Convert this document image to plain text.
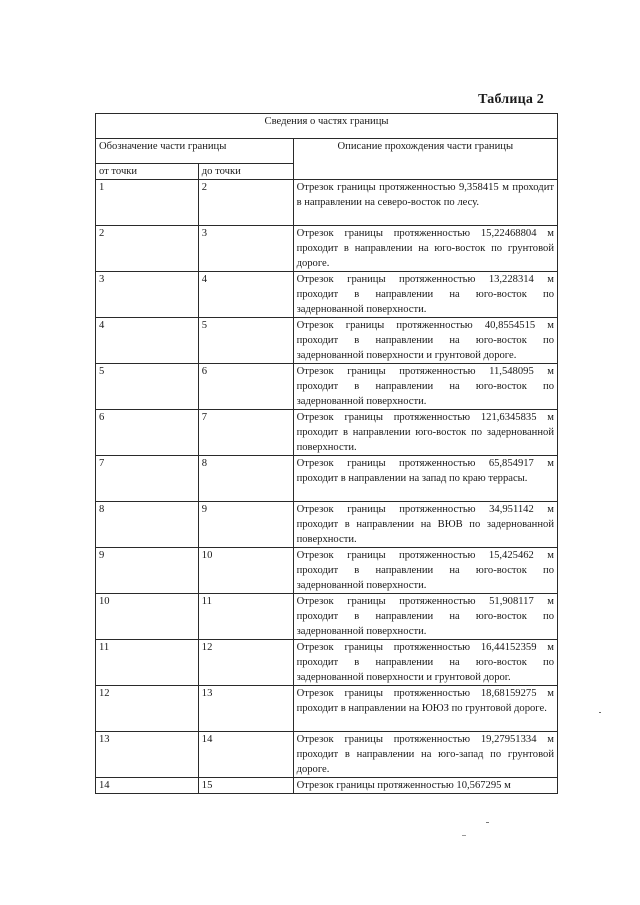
Таблица 2
Сведения о частях границы		
Обозначение части границы		Описание прохождения части границы
от точки	до точки	
1	2	Отрезок границы протяженностью 9,358415 м проходит в направлении на северо-восток по лесу.
2	3	Отрезок границы протяженностью 15,22468804 м проходит в направлении на юго-восток по грунтовой дороге.
3	4	Отрезок границы протяженностью 13,228314 м проходит в направлении на юго-восток по задернованной поверхности.
4	5	Отрезок границы протяженностью 40,8554515 м проходит в направлении на юго-восток по задернованной поверхности и грунтовой дороге.
5	6	Отрезок границы протяженностью 11,548095 м проходит в направлении на юго-восток по задернованной поверхности.
6	7	Отрезок границы протяженностью 121,6345835 м проходит в направлении юго-восток по задернованной поверхности.
7	8	Отрезок границы протяженностью 65,854917 м проходит в направлении на запад по краю террасы.
8	9	Отрезок границы протяженностью 34,951142 м проходит в направлении на ВЮВ по задернованной поверхности.
9	10	Отрезок границы протяженностью 15,425462 м проходит в направлении на юго-восток по задернованной поверхности.
10	11	Отрезок границы протяженностью 51,908117 м проходит в направлении на юго-восток по задернованной поверхности.
11	12	Отрезок границы протяженностью 16,44152359 м проходит в направлении на юго-восток по задернованной поверхности и грунтовой дорог.
12	13	Отрезок границы протяженностью 18,68159275 м проходит в направлении на ЮЮЗ по грунтовой дороге.
13	14	Отрезок границы протяженностью 19,27951334 м проходит в направлении на юго-запад по грунтовой дороге.
14	15	Отрезок границы протяженностью 10,567295 м
